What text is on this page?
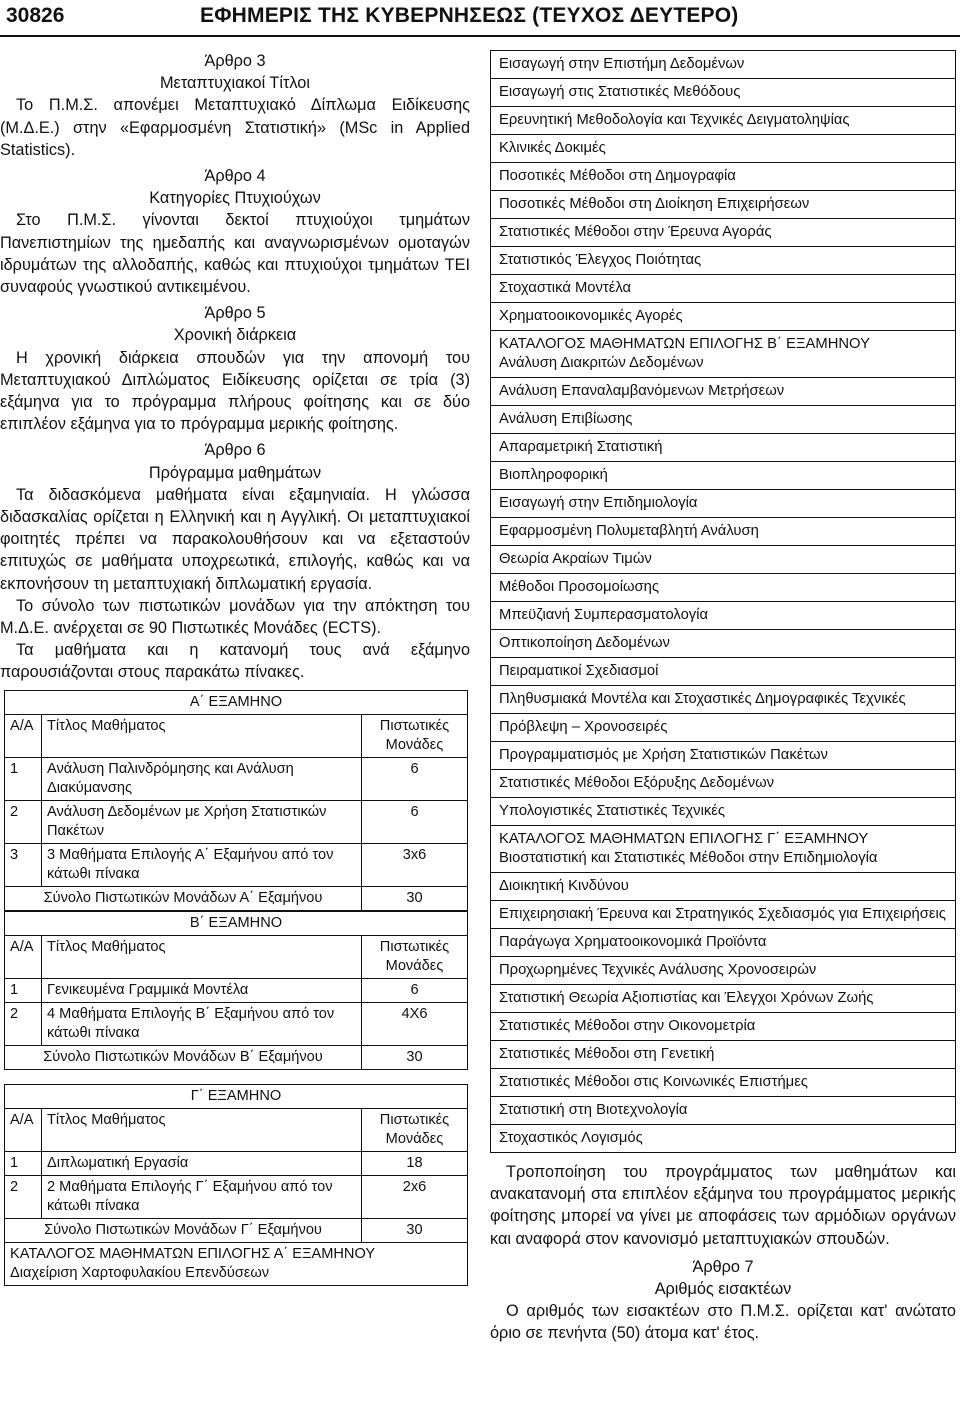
30826	ΕΦΗΜΕΡΙΣ ΤΗΣ ΚΥΒΕΡΝΗΣΕΩΣ (ΤΕΥΧΟΣ ΔΕΥΤΕΡΟ)

Άρθρο 3

Μεταπτυχιακοί Τίτλοι

Το Π.Μ.Σ. απονέμει Μεταπτυχιακό Δίπλωμα Ειδίκευσης (Μ.Δ.Ε.) στην «Εφαρμοσμένη Στατιστική» (MSc in Applied Statistics).

Άρθρο 4

Κατηγορίες Πτυχιούχων

Στο Π.Μ.Σ. γίνονται δεκτοί πτυχιούχοι τμημάτων Πανεπιστημίων της ημεδαπής και αναγνωρισμένων ομοταγών ιδρυμάτων της αλλοδαπής, καθώς και πτυχιούχοι τμημάτων ΤΕΙ συναφούς γνωστικού αντικειμένου.

Άρθρο 5

Χρονική διάρκεια

Η χρονική διάρκεια σπουδών για την απονομή του Μεταπτυχιακού Διπλώματος Ειδίκευσης ορίζεται σε τρία (3) εξάμηνα για το πρόγραμμα πλήρους φοίτησης και σε δύο επιπλέον εξάμηνα για το πρόγραμμα μερικής φοίτησης.

Άρθρο 6

Πρόγραμμα μαθημάτων

Τα διδασκόμενα μαθήματα είναι εξαμηνιαία. Η γλώσσα διδασκαλίας ορίζεται η Ελληνική και η Αγγλική. Οι μεταπτυχιακοί φοιτητές πρέπει να παρακολουθήσουν και να εξεταστούν επιτυχώς σε μαθήματα υποχρεωτικά, επιλογής, καθώς και να εκπονήσουν τη μεταπτυχιακή διπλωματική εργασία.

Το σύνολο των πιστωτικών μονάδων για την απόκτηση του Μ.Δ.Ε. ανέρχεται σε 90 Πιστωτικές Μονάδες (ECTS).

Τα μαθήματα και η κατανομή τους ανά εξάμηνο παρουσιάζονται στους παρακάτω πίνακες.

Α΄ ΕΞΑΜΗΝΟ		
Α/Α	Τίτλος Μαθήματος	Πιστωτικές Μονάδες
1	Ανάλυση Παλινδρόμησης και Ανάλυση Διακύμανσης	6
2	Ανάλυση Δεδομένων με Χρήση Στατιστικών Πακέτων	6
3	3 Μαθήματα Επιλογής Α΄ Εξαμήνου από τον κάτωθι πίνακα	3x6
Σύνολο Πιστωτικών Μονάδων Α΄ Εξαμήνου		30
Β΄ ΕΞΑΜΗΝΟ		
Α/Α	Τίτλος Μαθήματος	Πιστωτικές Μονάδες
1	Γενικευμένα Γραμμικά Μοντέλα	6
2	4 Μαθήματα Επιλογής Β΄ Εξαμήνου από τον κάτωθι πίνακα	4Χ6
Σύνολο Πιστωτικών Μονάδων Β΄ Εξαμήνου		30
Γ΄ ΕΞΑΜΗΝΟ		
Α/Α	Τίτλος Μαθήματος	Πιστωτικές Μονάδες
1	Διπλωματική Εργασία	18
2	2 Μαθήματα Επιλογής Γ΄ Εξαμήνου από τον κάτωθι πίνακα	2x6
Σύνολο Πιστωτικών Μονάδων Γ΄ Εξαμήνου		30

ΚΑΤΑΛΟΓΟΣ ΜΑΘΗΜΑΤΩΝ ΕΠΙΛΟΓΗΣ Α΄ ΕΞΑΜΗΝΟΥ
Διαχείριση Χαρτοφυλακίου Επενδύσεων		
Εισαγωγή στην Επιστήμη Δεδομένων
Εισαγωγή στις Στατιστικές Μεθόδους
Ερευνητική Μεθοδολογία και Τεχνικές Δειγματοληψίας
Κλινικές Δοκιμές
Ποσοτικές Μέθοδοι στη Δημογραφία
Ποσοτικές Μέθοδοι στη Διοίκηση Επιχειρήσεων
Στατιστικές Μέθοδοι στην Έρευνα Αγοράς
Στατιστικός Έλεγχος Ποιότητας
Στοχαστικά Μοντέλα
Χρηματοοικονομικές Αγορές
ΚΑΤΑΛΟΓΟΣ ΜΑΘΗΜΑΤΩΝ ΕΠΙΛΟΓΗΣ Β΄ ΕΞΑΜΗΝΟΥ
Ανάλυση Διακριτών Δεδομένων
Ανάλυση Επαναλαμβανόμενων Μετρήσεων
Ανάλυση Επιβίωσης
Απαραμετρική Στατιστική
Βιοπληροφορική
Εισαγωγή στην Επιδημιολογία
Εφαρμοσμένη Πολυμεταβλητή Ανάλυση
Θεωρία Ακραίων Τιμών
Μέθοδοι Προσομοίωσης
Μπεϋζιανή Συμπερασματολογία
Οπτικοποίηση Δεδομένων
Πειραματικοί Σχεδιασμοί
Πληθυσμιακά Μοντέλα και Στοχαστικές Δημογραφικές Τεχνικές
Πρόβλεψη – Χρονοσειρές
Προγραμματισμός με Χρήση Στατιστικών Πακέτων
Στατιστικές Μέθοδοι Εξόρυξης Δεδομένων
Υπολογιστικές Στατιστικές Τεχνικές
ΚΑΤΑΛΟΓΟΣ ΜΑΘΗΜΑΤΩΝ ΕΠΙΛΟΓΗΣ Γ΄ ΕΞΑΜΗΝΟΥ
Βιοστατιστική και Στατιστικές Μέθοδοι στην Επιδημιολογία
Διοικητική Κινδύνου
Επιχειρησιακή Έρευνα και Στρατηγικός Σχεδιασμός για Επιχειρήσεις
Παράγωγα Χρηματοοικονομικά Προϊόντα
Προχωρημένες Τεχνικές Ανάλυσης Χρονοσειρών
Στατιστική Θεωρία Αξιοπιστίας και Έλεγχοι Χρόνων Ζωής
Στατιστικές Μέθοδοι στην Οικονομετρία
Στατιστικές Μέθοδοι στη Γενετική
Στατιστικές Μέθοδοι στις Κοινωνικές Επιστήμες
Στατιστική στη Βιοτεχνολογία
Στοχαστικός Λογισμός

Τροποποίηση του προγράμματος των μαθημάτων και ανακατανομή στα επιπλέον εξάμηνα του προγράμματος μερικής φοίτησης μπορεί να γίνει με αποφάσεις των αρμόδιων οργάνων και αναφορά στον κανονισμό μεταπτυχιακών σπουδών.

Άρθρο 7

Αριθμός εισακτέων

Ο αριθμός των εισακτέων στο Π.Μ.Σ. ορίζεται κατ' ανώτατο όριο σε πενήντα (50) άτομα κατ' έτος.
